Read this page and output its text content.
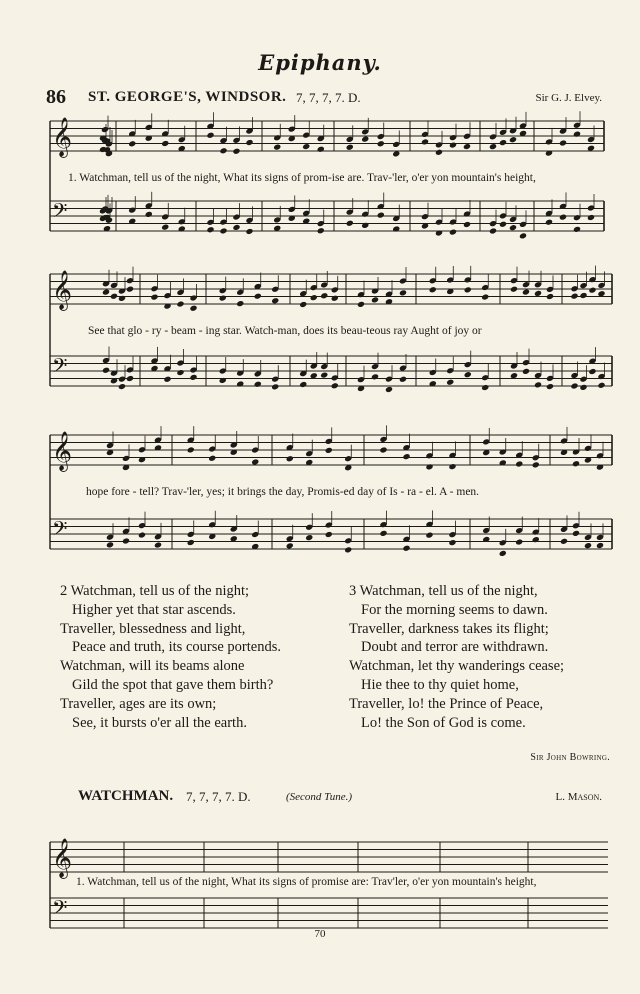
Epiphany.
86 ST. GEORGE'S, WINDSOR. 7, 7, 7, 7. D.	Sir G. J. Elvey.
𝄞
𝄢
𝄞
𝄢
𝄞
𝄢
𝄞
𝄢
1. Watchman, tell us of the night, What its signs of prom-ise are. Trav-'ler, o'er yon mountain's height,
See that glo - ry - beam - ing star. Watch-man, does its beau-teous ray Aught of joy or
hope fore - tell? Trav-'ler, yes; it brings the day, Promis-ed day of Is - ra - el. A - men.
2 Watchman, tell us of the night;
Higher yet that star ascends.
Traveller, blessedness and light,
Peace and truth, its course portends.
Watchman, will its beams alone
Gild the spot that gave them birth?
Traveller, ages are its own;
See, it bursts o'er all the earth.
3 Watchman, tell us of the night,
For the morning seems to dawn.
Traveller, darkness takes its flight;
Doubt and terror are withdrawn.
Watchman, let thy wanderings cease;
Hie thee to thy quiet home,
Traveller, lo! the Prince of Peace,
Lo! the Son of God is come.
Sir John Bowring.
WATCHMAN. 7, 7, 7, 7. D.	(Second Tune.)	L. Mason.
1. Watchman, tell us of the night, What its signs of promise are: Trav'ler, o'er yon mountain's height,
70
